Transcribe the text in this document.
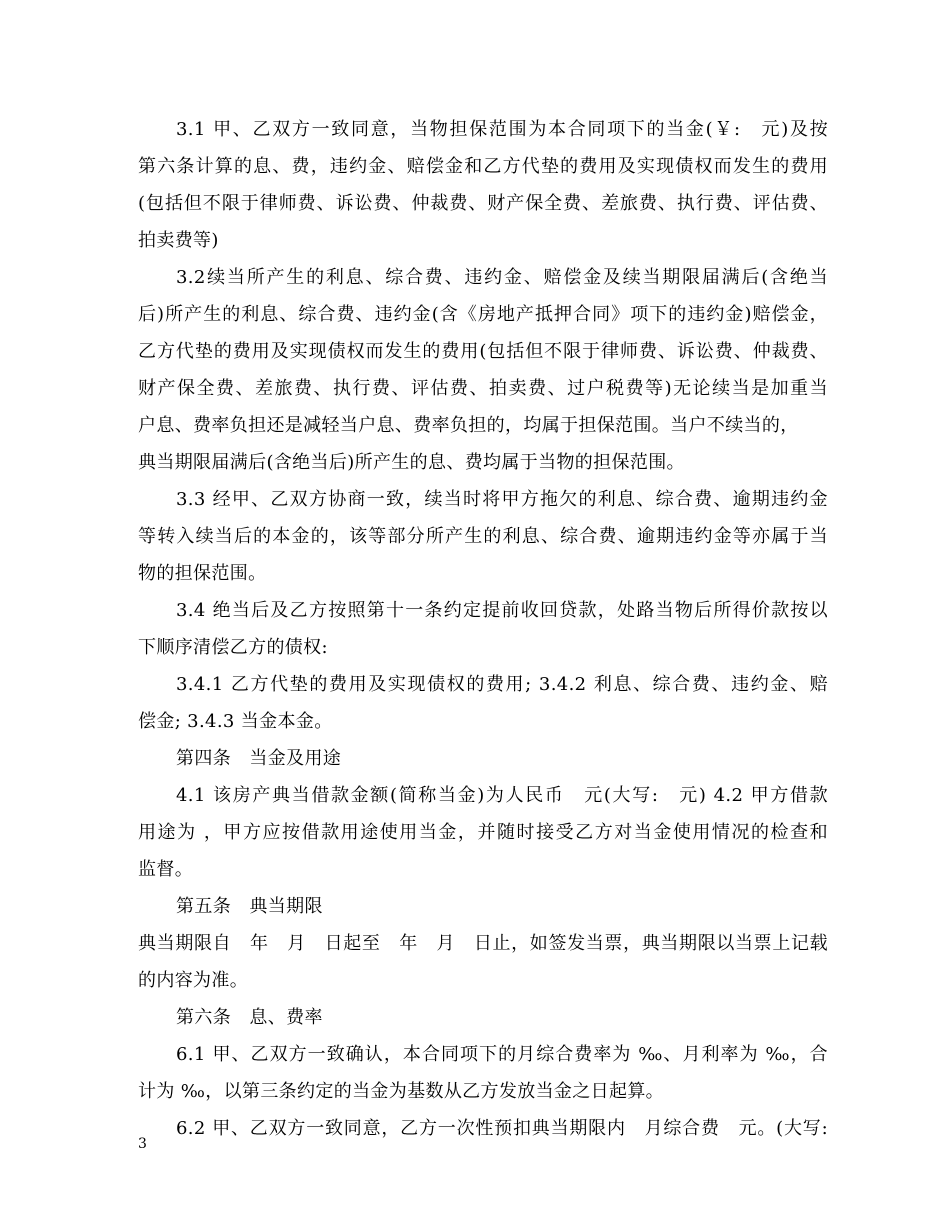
3.1 甲、乙双方一致同意，当物担保范围为本合同项下的当金(￥:　元)及按
第六条计算的息、费，违约金、赔偿金和乙方代垫的费用及实现债权而发生的费用
(包括但不限于律师费、诉讼费、仲裁费、财产保全费、差旅费、执行费、评估费、
拍卖费等)
3.2续当所产生的利息、综合费、违约金、赔偿金及续当期限届满后(含绝当
后)所产生的利息、综合费、违约金(含《房地产抵押合同》项下的违约金)赔偿金，
乙方代垫的费用及实现债权而发生的费用(包括但不限于律师费、诉讼费、仲裁费、
财产保全费、差旅费、执行费、评估费、拍卖费、过户税费等)无论续当是加重当
户息、费率负担还是减轻当户息、费率负担的，均属于担保范围。当户不续当的，
典当期限届满后(含绝当后)所产生的息、费均属于当物的担保范围。
3.3 经甲、乙双方协商一致，续当时将甲方拖欠的利息、综合费、逾期违约金
等转入续当后的本金的，该等部分所产生的利息、综合费、逾期违约金等亦属于当
物的担保范围。
3.4 绝当后及乙方按照第十一条约定提前收回贷款，处路当物后所得价款按以
下顺序清偿乙方的债权:
3.4.1 乙方代垫的费用及实现债权的费用; 3.4.2 利息、综合费、违约金、赔
偿金; 3.4.3 当金本金。
第四条　当金及用途
4.1 该房产典当借款金额(简称当金)为人民币　元(大写:　元) 4.2 甲方借款
用途为 ，甲方应按借款用途使用当金，并随时接受乙方对当金使用情况的检查和
监督。
第五条　典当期限
典当期限自　年　月　日起至　年　月　日止，如签发当票，典当期限以当票上记载
的内容为准。
第六条　息、费率
6.1 甲、乙双方一致确认，本合同项下的月综合费率为 ‰、月利率为 ‰，合
计为 ‰，以第三条约定的当金为基数从乙方发放当金之日起算。
6.2 甲、乙双方一致同意，乙方一次性预扣典当期限内　月综合费　元。(大写:
3
